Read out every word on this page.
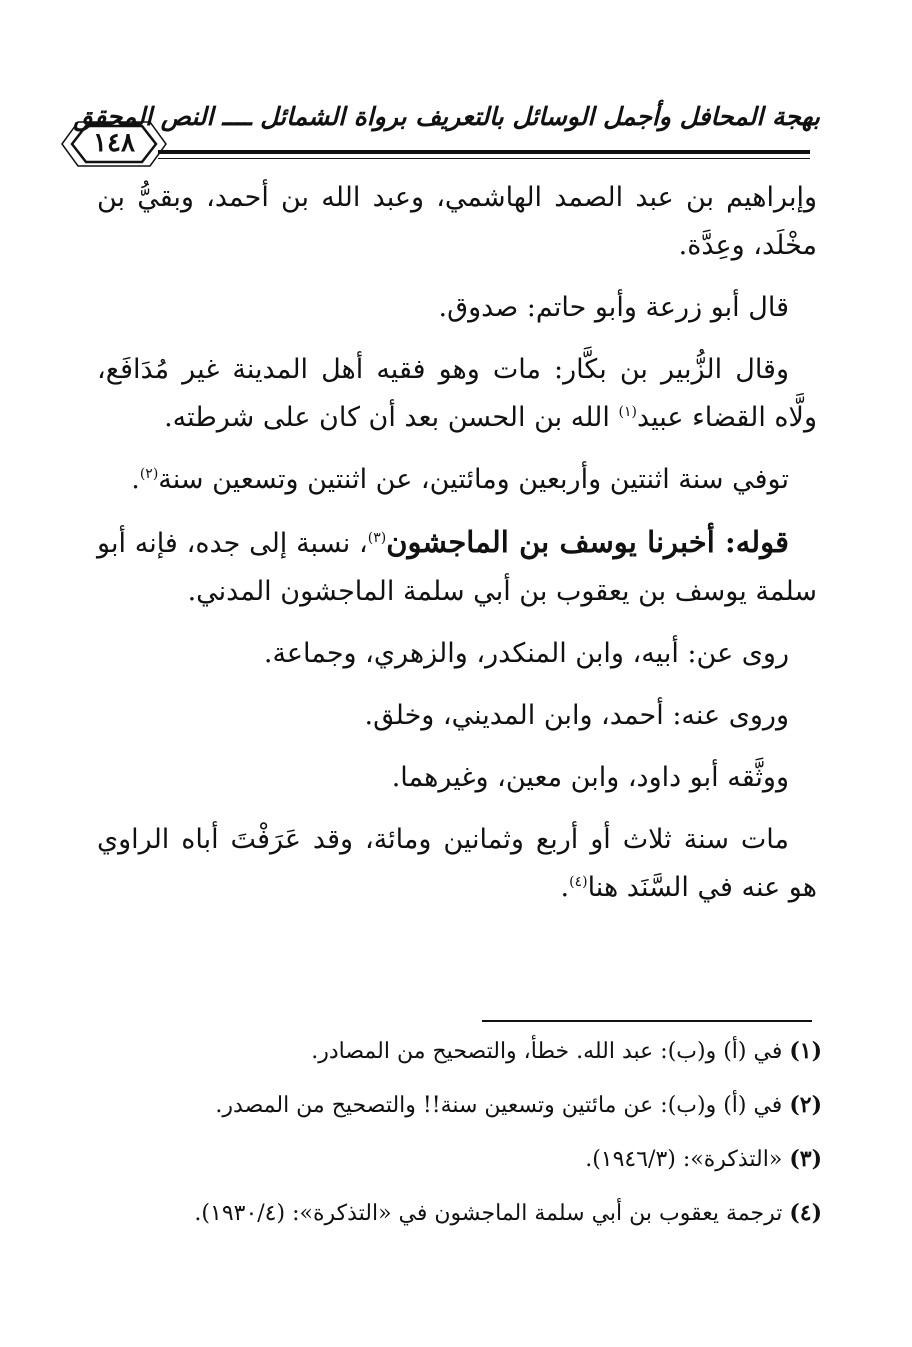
بهجة المحافل وأجمل الوسائل بالتعريف برواة الشمائل ــــ النص المحقق
١٤٨

وإبراهيم بن عبد الصمد الهاشمي، وعبد الله بن أحمد، وبقيُّ بن مخْلَد، وعِدَّة.

قال أبو زرعة وأبو حاتم: صدوق.

وقال الزُّبير بن بكَّار: مات وهو فقيه أهل المدينة غير مُدَافَع، ولَّاه القضاء عبيد$^{(١)}$ الله بن الحسن بعد أن كان على شرطته.

توفي سنة اثنتين وأربعين ومائتين، عن اثنتين وتسعين سنة$^{(٢)}$.

قوله: أخبرنا يوسف بن الماجشون$^{(٣)}$، نسبة إلى جده، فإنه أبو سلمة يوسف بن يعقوب بن أبي سلمة الماجشون المدني.

روى عن: أبيه، وابن المنكدر، والزهري، وجماعة.

وروى عنه: أحمد، وابن المديني، وخلق.

ووثَّقه أبو داود، وابن معين، وغيرهما.

مات سنة ثلاث أو أربع وثمانين ومائة، وقد عَرَفْتَ أباه الراوي هو عنه في السَّنَد هنا$^{(٤)}$.

(١) في (أ) و(ب): عبد الله. خطأ، والتصحيح من المصادر.

(٢) في (أ) و(ب): عن مائتين وتسعين سنة!! والتصحيح من المصدر.

(٣) «التذكرة»: (١٩٤٦/٣).

(٤) ترجمة يعقوب بن أبي سلمة الماجشون في «التذكرة»: (١٩٣٠/٤).
